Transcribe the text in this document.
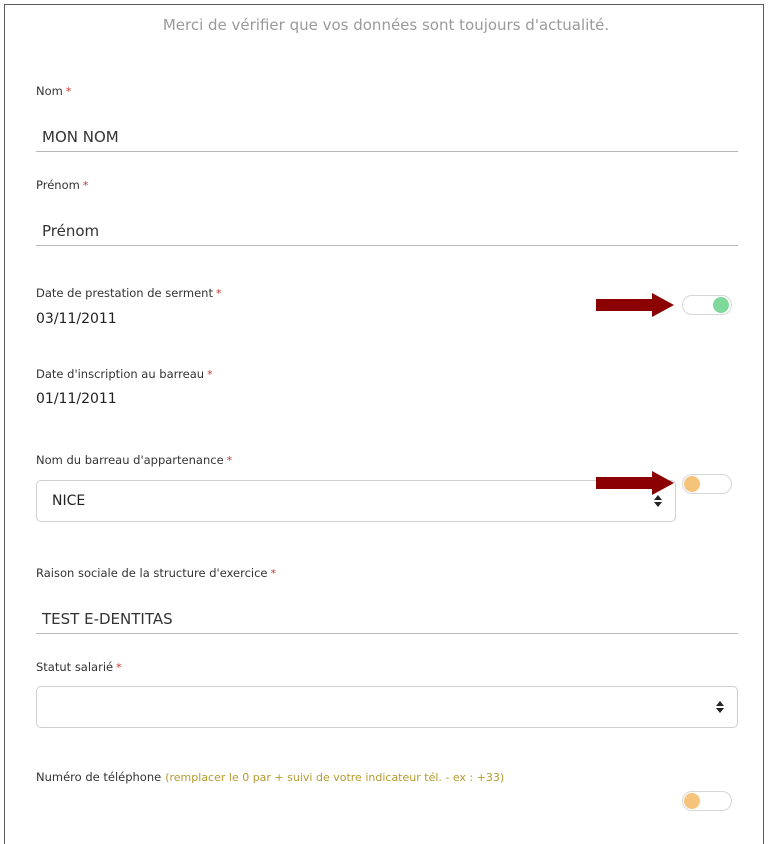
Merci de vérifier que vos données sont toujours d'actualité.
Nom *
MON NOM
Prénom *
Prénom
Date de prestation de serment *
03/11/2011
Date d'inscription au barreau *
01/11/2011
Nom du barreau d'appartenance *
NICE
Raison sociale de la structure d'exercice *
TEST E-DENTITAS
Statut salarié *
Numéro de téléphone (remplacer le 0 par + suivi de votre indicateur tél. - ex : +33)
